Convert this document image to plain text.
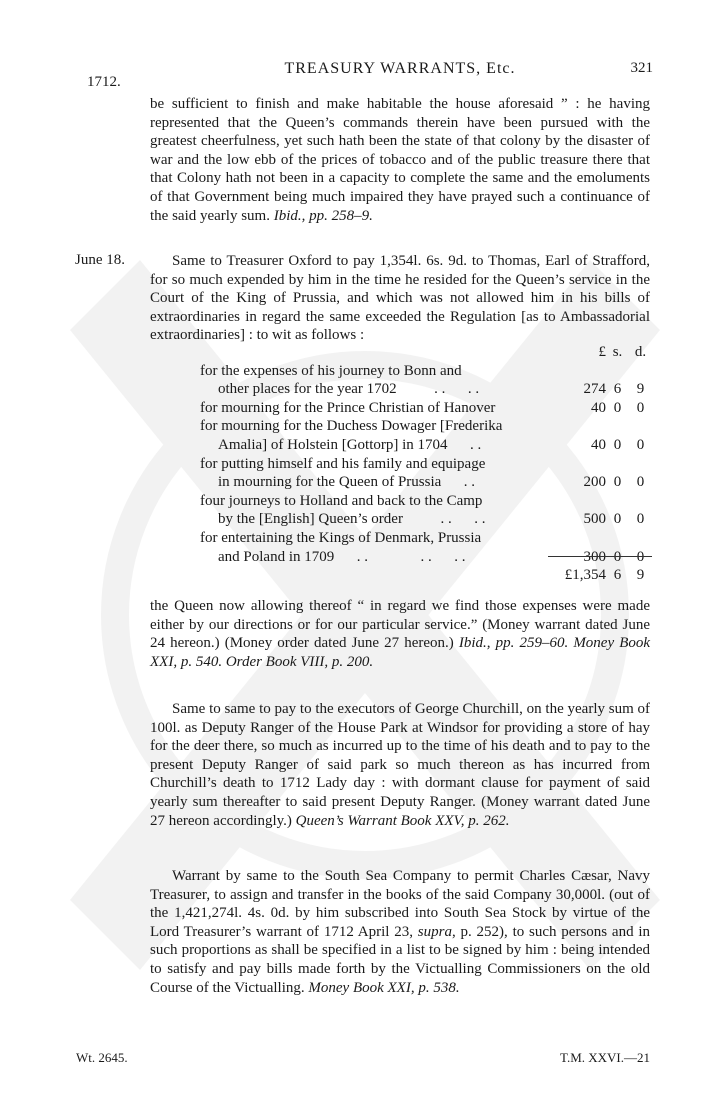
1712.
TREASURY WARRANTS, Etc.	321

be sufficient to finish and make habitable the house aforesaid ” : he having represented that the Queen’s commands therein have been pursued with the greatest cheerfulness, yet such hath been the state of that colony by the disaster of war and the low ebb of the prices of tobacco and of the public treasure there that that Colony hath not been in a capacity to complete the same and the emoluments of that Government being much impaired they have prayed such a continuance of the said yearly sum. Ibid., pp. 258–9.

June 18.	Same to Treasurer Oxford to pay 1,354l. 6s. 9d. to Thomas, Earl of Strafford, for so much expended by him in the time he resided for the Queen’s service in the Court of the King of Prussia, and which was not allowed him in his bills of extraordinaries in regard the same exceeded the Regulation [as to Ambassadorial extraordinaries] : to wit as follows :

	£	s.	d.

for the expenses of his journey to Bonn and
other places for the year 1702    . .   . .	274	6	9

for mourning for the Prince Christian of Hanover	40	0	0

for mourning for the Duchess Dowager [Frederika
Amalia] of Holstein [Gottorp] in 1704   . .	40	0	0

for putting himself and his family and equipage
in mourning for the Queen of Prussia   . .	200	0	0

four journeys to Holland and back to the Camp
by the [English] Queen’s order    . .   . .	500	0	0

for entertaining the Kings of Denmark, Prussia
and Poland in 1709   . .     . .   . .	300	0	0
	£1,354	6	9

the Queen now allowing thereof “ in regard we find those expenses were made either by our directions or for our particular service.” (Money warrant dated June 24 hereon.) (Money order dated June 27 hereon.) Ibid., pp. 259–60. Money Book XXI, p. 540. Order Book VIII, p. 200.

Same to same to pay to the executors of George Churchill, on the yearly sum of 100l. as Deputy Ranger of the House Park at Windsor for providing a store of hay for the deer there, so much as incurred up to the time of his death and to pay to the present Deputy Ranger of said park so much thereon as has incurred from Churchill’s death to 1712 Lady day : with dormant clause for payment of said yearly sum thereafter to said present Deputy Ranger. (Money warrant dated June 27 hereon accordingly.) Queen’s Warrant Book XXV, p. 262.

Warrant by same to the South Sea Company to permit Charles Cæsar, Navy Treasurer, to assign and transfer in the books of the said Company 30,000l. (out of the 1,421,274l. 4s. 0d. by him subscribed into South Sea Stock by virtue of the Lord Treasurer’s warrant of 1712 April 23, supra, p. 252), to such persons and in such proportions as shall be specified in a list to be signed by him : being intended to satisfy and pay bills made forth by the Victualling Commissioners on the old Course of the Victualling. Money Book XXI, p. 538.

Wt. 2645.	T.M. XXVI.—21
